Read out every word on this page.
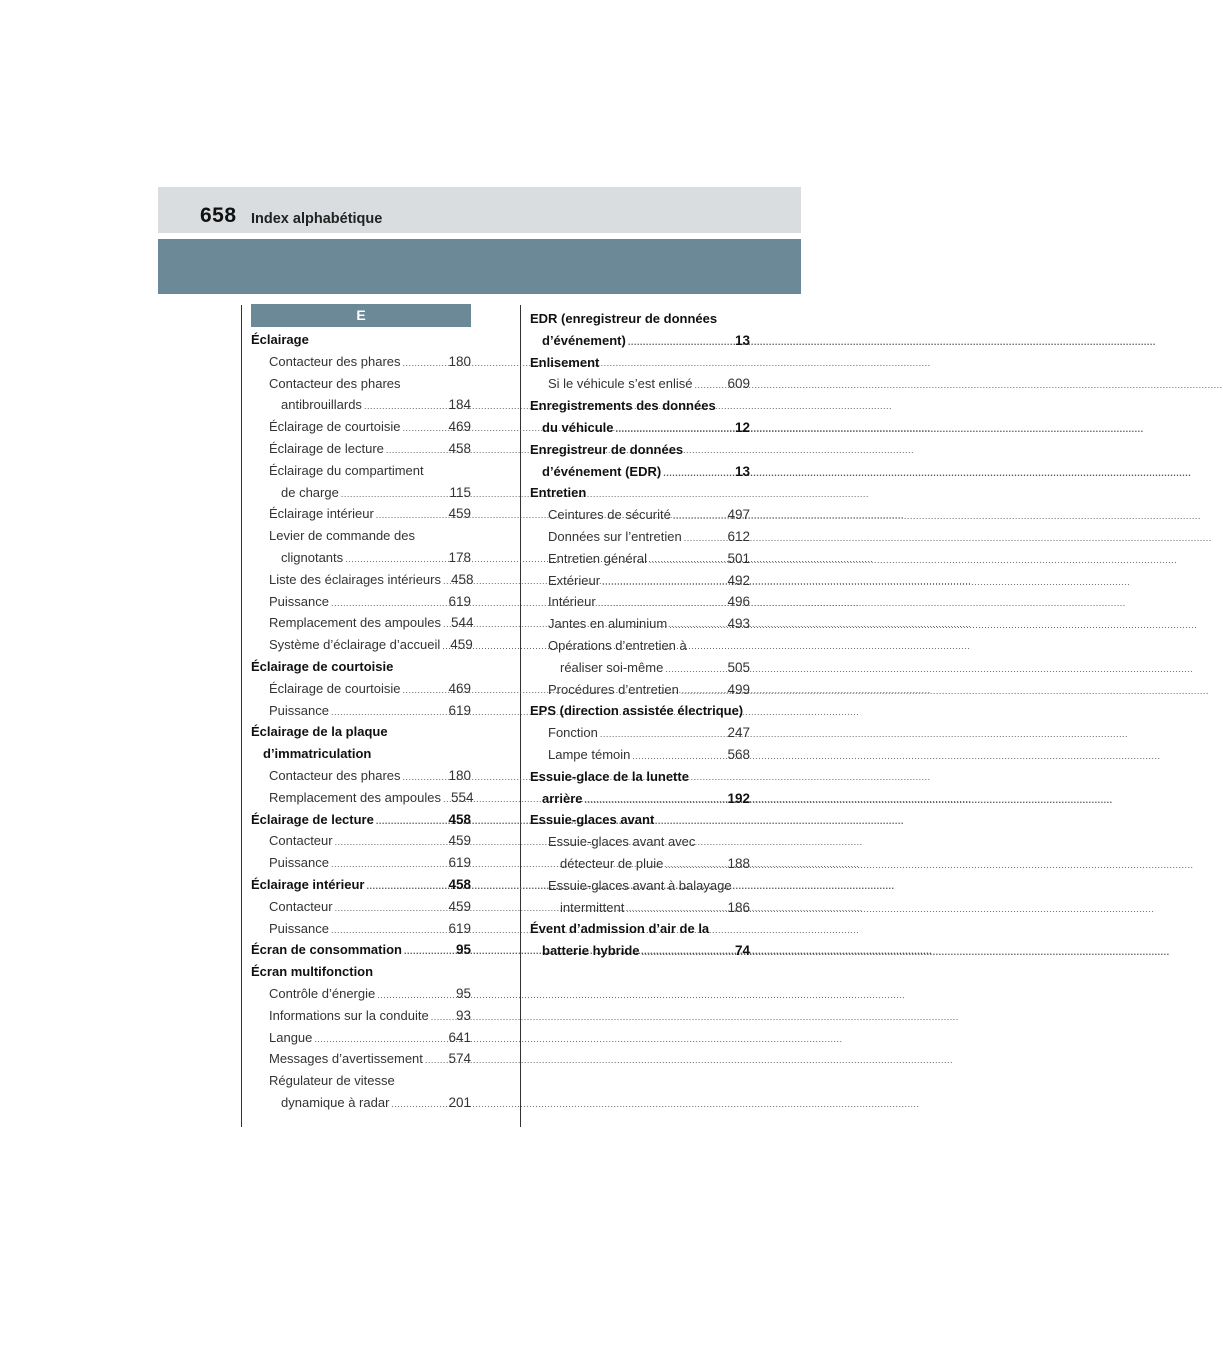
658 Index alphabétique
E
Éclairage
Contacteur des phares .....	180
Contacteur des phares
antibrouillards .....	184
Éclairage de courtoisie .....	469
Éclairage de lecture .....	458
Éclairage du compartiment
de charge .....	115
Éclairage intérieur .....	459
Levier de commande des
clignotants .....	178
Liste des éclairages intérieurs ..... 458
Puissance .....	619
Remplacement des ampoules ..... 544
Système d’éclairage d’accueil ..... 459
Éclairage de courtoisie
Éclairage de courtoisie .....	469
Puissance .....	619
Éclairage de la plaque
d’immatriculation
Contacteur des phares .....	180
Remplacement des ampoules ..... 554
Éclairage de lecture .....	458
Contacteur .....	459
Puissance .....	619
Éclairage intérieur .....	458
Contacteur .....	459
Puissance .....	619
Écran de consommation .....	95
Écran multifonction
Contrôle d’énergie .....	95
Informations sur la conduite ..... 93
Langue .....	641
Messages d’avertissement ..... 574
Régulateur de vitesse
dynamique à radar .....	201
EDR (enregistreur de données
d’événement) .....	13
Enlisement
Si le véhicule s’est enlisé .....	609
Enregistrements des données
du véhicule .....	12
Enregistreur de données
d’événement (EDR) .....	13
Entretien
Ceintures de sécurité .....	497
Données sur l’entretien .....	612
Entretien général .....	501
Extérieur .....	492
Intérieur .....	496
Jantes en aluminium .....	493
Opérations d’entretien à
réaliser soi-même .....	505
Procédures d’entretien .....	499
EPS (direction assistée électrique)
Fonction .....	247
Lampe témoin .....	568
Essuie-glace de la lunette
arrière .....	192
Essuie-glaces avant
Essuie-glaces avant avec
détecteur de pluie .....	188
Essuie-glaces avant à balayage
intermittent .....	186
Évent d’admission d’air de la
batterie hybride .....	74
